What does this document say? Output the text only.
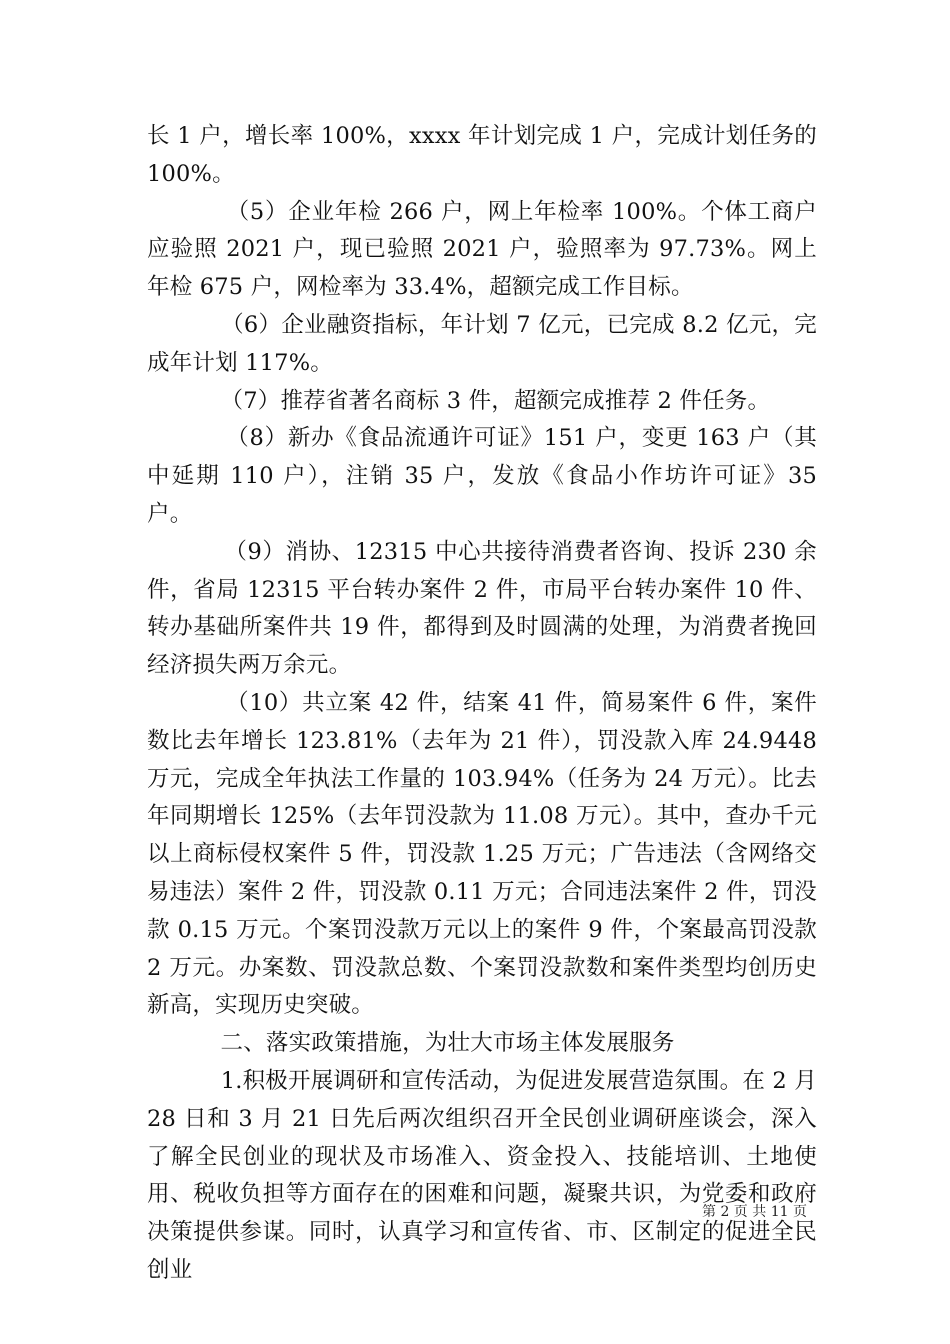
长 1 户，增长率 100%，xxxx 年计划完成 1 户，完成计划任务的 100%。

（5）企业年检 266 户，网上年检率 100%。个体工商户应验照 2021 户，现已验照 2021 户，验照率为 97.73%。网上年检 675 户，网检率为 33.4%，超额完成工作目标。

（6）企业融资指标，年计划 7 亿元，已完成 8.2 亿元，完成年计划 117%。

（7）推荐省著名商标 3 件，超额完成推荐 2 件任务。

（8）新办《食品流通许可证》151 户，变更 163 户（其中延期 110 户），注销 35 户，发放《食品小作坊许可证》35 户。

（9）消协、12315 中心共接待消费者咨询、投诉 230 余件，省局 12315 平台转办案件 2 件，市局平台转办案件 10 件、转办基础所案件共 19 件，都得到及时圆满的处理，为消费者挽回经济损失两万余元。

（10）共立案 42 件，结案 41 件，简易案件 6 件，案件数比去年增长 123.81%（去年为 21 件），罚没款入库 24.9448 万元，完成全年执法工作量的 103.94%（任务为 24 万元）。比去年同期增长 125%（去年罚没款为 11.08 万元）。其中，查办千元以上商标侵权案件 5 件，罚没款 1.25 万元；广告违法（含网络交易违法）案件 2 件，罚没款 0.11 万元；合同违法案件 2 件，罚没款 0.15 万元。个案罚没款万元以上的案件 9 件，个案最高罚没款 2 万元。办案数、罚没款总数、个案罚没款数和案件类型均创历史新高，实现历史突破。

二、落实政策措施，为壮大市场主体发展服务

1.积极开展调研和宣传活动，为促进发展营造氛围。在 2 月 28 日和 3 月 21 日先后两次组织召开全民创业调研座谈会，深入了解全民创业的现状及市场准入、资金投入、技能培训、土地使用、税收负担等方面存在的困难和问题，凝聚共识，为党委和政府决策提供参谋。同时，认真学习和宣传省、市、区制定的促进全民创业

第 2 页 共 11 页
